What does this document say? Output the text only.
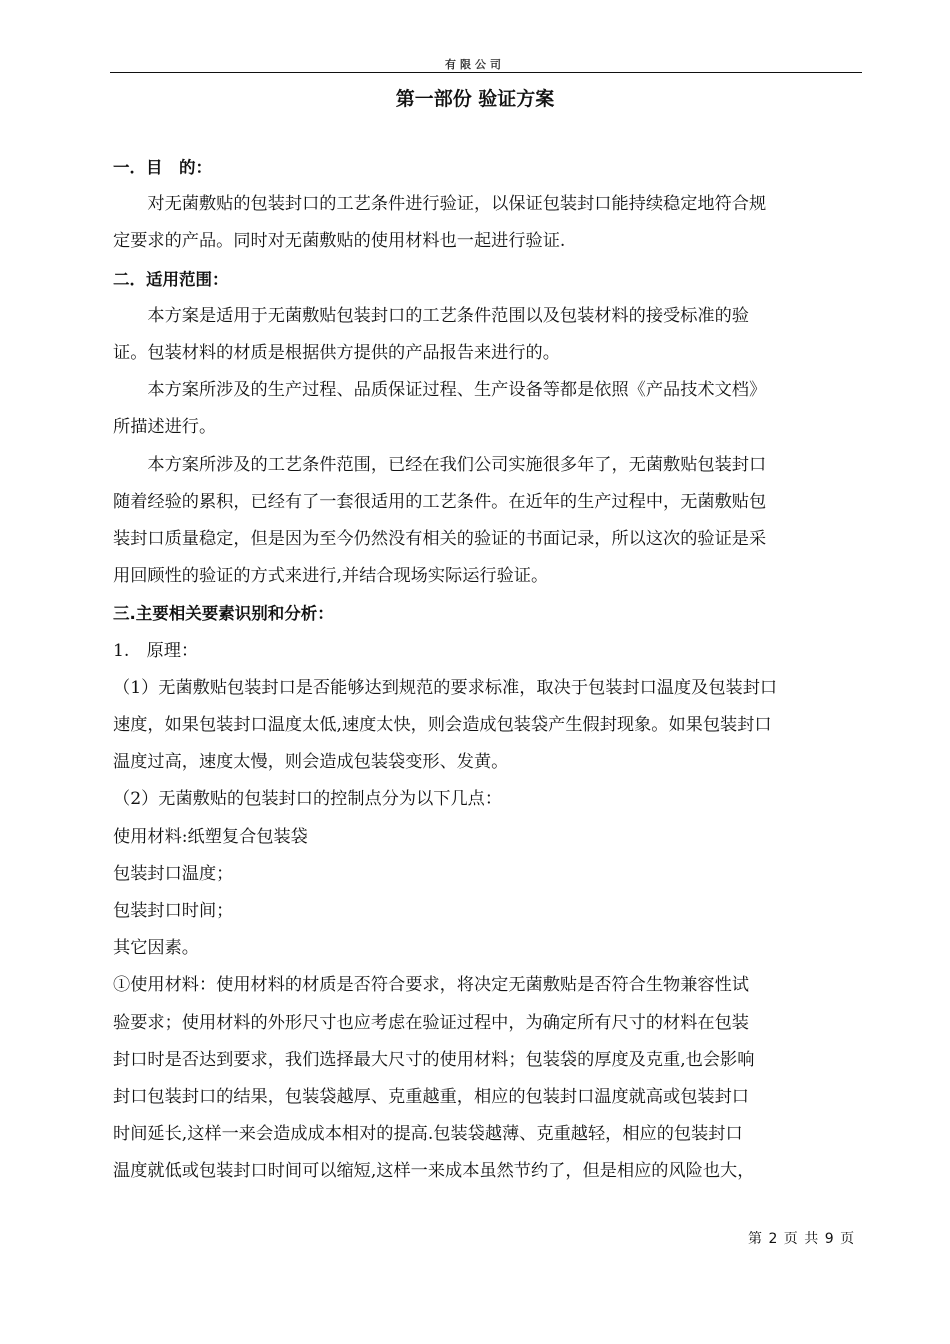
有限公司
第一部份 验证方案

一．目　的：

对无菌敷贴的包装封口的工艺条件进行验证，以保证包装封口能持续稳定地符合规

定要求的产品。同时对无菌敷贴的使用材料也一起进行验证.

二．适用范围：

本方案是适用于无菌敷贴包装封口的工艺条件范围以及包装材料的接受标准的验

证。包装材料的材质是根据供方提供的产品报告来进行的。

本方案所涉及的生产过程、品质保证过程、生产设备等都是依照《产品技术文档》

所描述进行。

本方案所涉及的工艺条件范围，已经在我们公司实施很多年了，无菌敷贴包装封口

随着经验的累积，已经有了一套很适用的工艺条件。在近年的生产过程中，无菌敷贴包

装封口质量稳定，但是因为至今仍然没有相关的验证的书面记录，所以这次的验证是采

用回顾性的验证的方式来进行,并结合现场实际运行验证。

三.主要相关要素识别和分析：

1.　原理：

（1）无菌敷贴包装封口是否能够达到规范的要求标准，取决于包装封口温度及包装封口

速度，如果包装封口温度太低,速度太快，则会造成包装袋产生假封现象。如果包装封口

温度过高，速度太慢，则会造成包装袋变形、发黄。

（2）无菌敷贴的包装封口的控制点分为以下几点：

使用材料:纸塑复合包装袋

包装封口温度；

包装封口时间；

其它因素。

①使用材料：使用材料的材质是否符合要求，将决定无菌敷贴是否符合生物兼容性试

验要求；使用材料的外形尺寸也应考虑在验证过程中，为确定所有尺寸的材料在包装

封口时是否达到要求，我们选择最大尺寸的使用材料；包装袋的厚度及克重,也会影响

封口包装封口的结果，包装袋越厚、克重越重，相应的包装封口温度就高或包装封口

时间延长,这样一来会造成成本相对的提高.包装袋越薄、克重越轻，相应的包装封口

温度就低或包装封口时间可以缩短,这样一来成本虽然节约了，但是相应的风险也大，

第 2 页 共 9 页
